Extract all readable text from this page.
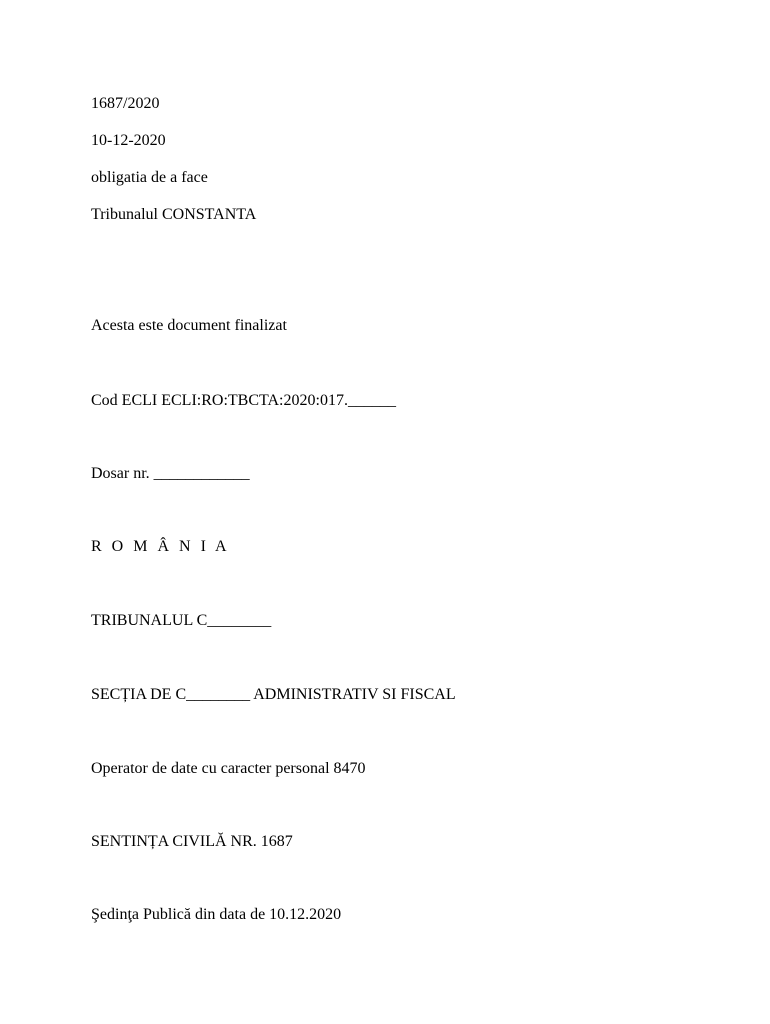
1687/2020
10-12-2020
obligatia de a face
Tribunalul CONSTANTA
Acesta este document finalizat
Cod ECLI ECLI:RO:TBCTA:2020:017.______
Dosar nr. ____________
R O M Â N I A
TRIBUNALUL C________
SECȚIA DE C________ ADMINISTRATIV SI FISCAL
Operator de date cu caracter personal 8470
SENTINȚA CIVILĂ NR. 1687
Şedinţa Publică din data de 10.12.2020
